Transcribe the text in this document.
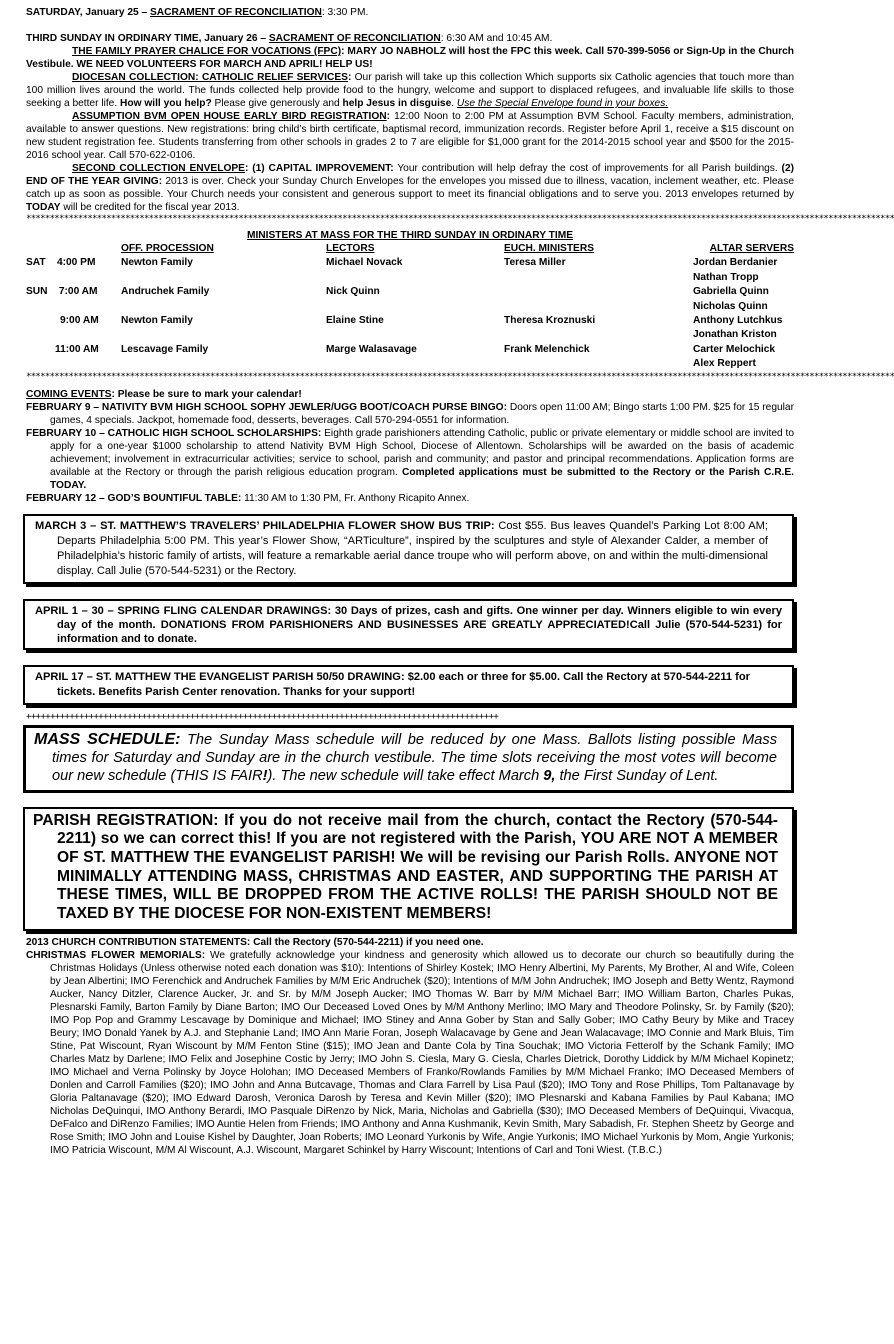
SATURDAY, January 25 – SACRAMENT OF RECONCILIATION: 3:30 PM.

THIRD SUNDAY IN ORDINARY TIME, January 26 – SACRAMENT OF RECONCILIATION: 6:30 AM and 10:45 AM.

THE FAMILY PRAYER CHALICE FOR VOCATIONS (FPC): MARY JO NABHOLZ will host the FPC this week. Call 570-399-5056 or Sign-Up in the Church Vestibule. WE NEED VOLUNTEERS FOR MARCH AND APRIL! HELP US!

DIOCESAN COLLECTION: CATHOLIC RELIEF SERVICES: Our parish will take up this collection Which supports six Catholic agencies that touch more than 100 million lives around the world. The funds collected help provide food to the hungry, welcome and support to displaced refugees, and invaluable life skills to those seeking a better life. How will you help? Please give generously and help Jesus in disguise. Use the Special Envelope found in your boxes.

ASSUMPTION BVM OPEN HOUSE EARLY BIRD REGISTRATION: 12:00 Noon to 2:00 PM at Assumption BVM School. Faculty members, administration, available to answer questions. New registrations: bring child’s birth certificate, baptismal record, immunization records. Register before April 1, receive a $15 discount on new student registration fee. Students transferring from other schools in grades 2 to 7 are eligible for $1,000 grant for the 2014-2015 school year and $500 for the 2015-2016 school year. Call 570-622-0106.

SECOND COLLECTION ENVELOPE: (1) CAPITAL IMPROVEMENT: Your contribution will help defray the cost of improvements for all Parish buildings. (2) END OF THE YEAR GIVING: 2013 is over. Check your Sunday Church Envelopes for the envelopes you missed due to illness, vacation, inclement weather, etc. Please catch up as soon as possible. Your Church needs your consistent and generous support to meet its financial obligations and to serve you. 2013 envelopes returned by TODAY will be credited for the fiscal year 2013.

****************************************************************************************************************************************************************************************
MINISTERS AT MASS FOR THE THIRD SUNDAY IN ORDINARY TIME
	OFF. PROCESSION	LECTORS	EUCH. MINISTERS	ALTAR SERVERS
SAT 4:00 PM	Newton Family	Michael Novack	Teresa Miller	Jordan Berdanier
Nathan Tropp

SUN 7:00 AM	Andruchek Family	Nick Quinn		Gabriella Quinn
Nicholas Quinn

9:00 AM	Newton Family	Elaine Stine	Theresa Kroznuski	Anthony Lutchkus
Jonathan Kriston

11:00 AM	Lescavage Family	Marge Walasavage	Frank Melenchick	Carter Melochick
Alex Reppert
****************************************************************************************************************************************************************************************

COMING EVENTS: Please be sure to mark your calendar!

FEBRUARY 9 – NATIVITY BVM HIGH SCHOOL SOPHY JEWLER/UGG BOOT/COACH PURSE BINGO: Doors open 11:00 AM; Bingo starts 1:00 PM. $25 for 15 regular games, 4 specials. Jackpot, homemade food, desserts, beverages. Call 570-294-0551 for information.

FEBRUARY 10 – CATHOLIC HIGH SCHOOL SCHOLARSHIPS: Eighth grade parishioners attending Catholic, public or private elementary or middle school are invited to apply for a one-year $1000 scholarship to attend Nativity BVM High School, Diocese of Allentown. Scholarships will be awarded on the basis of academic achievement; involvement in extracurricular activities; service to school, parish and community; and pastor and principal recommendations. Application forms are available at the Rectory or through the parish religious education program. Completed applications must be submitted to the Rectory or the Parish C.R.E. TODAY.

FEBRUARY 12 – GOD’S BOUNTIFUL TABLE: 11:30 AM to 1:30 PM, Fr. Anthony Ricapito Annex.

MARCH 3 – ST. MATTHEW’S TRAVELERS’ PHILADELPHIA FLOWER SHOW BUS TRIP: Cost $55. Bus leaves Quandel’s Parking Lot 8:00 AM; Departs Philadelphia 5:00 PM. This year’s Flower Show, “ARTiculture”, inspired by the sculptures and style of Alexander Calder, a member of Philadelphia’s historic family of artists, will feature a remarkable aerial dance troupe who will perform above, on and within the multi-dimensional display. Call Julie (570-544-5231) or the Rectory.

APRIL 1 – 30 – SPRING FLING CALENDAR DRAWINGS: 30 Days of prizes, cash and gifts. One winner per day. Winners eligible to win every day of the month. DONATIONS FROM PARISHIONERS AND BUSINESSES ARE GREATLY APPRECIATED!Call Julie (570-544-5231) for information and to donate.

APRIL 17 – ST. MATTHEW THE EVANGELIST PARISH 50/50 DRAWING: $2.00 each or three for $5.00. Call the Rectory at 570-544-2211 for tickets. Benefits Parish Center renovation. Thanks for your support!

++++++++++++++++++++++++++++++++++++++++++++++++++++++++++++++++++++++++++++++++++++++++++++++++++

MASS SCHEDULE: The Sunday Mass schedule will be reduced by one Mass. Ballots listing possible Mass times for Saturday and Sunday are in the church vestibule. The time slots receiving the most votes will become our new schedule (THIS IS FAIR!). The new schedule will take effect March 9, the First Sunday of Lent.

PARISH REGISTRATION: If you do not receive mail from the church, contact the Rectory (570-544-2211) so we can correct this! If you are not registered with the Parish, YOU ARE NOT A MEMBER OF ST. MATTHEW THE EVANGELIST PARISH! We will be revising our Parish Rolls. ANYONE NOT MINIMALLY ATTENDING MASS, CHRISTMAS AND EASTER, AND SUPPORTING THE PARISH AT THESE TIMES, WILL BE DROPPED FROM THE ACTIVE ROLLS! THE PARISH SHOULD NOT BE TAXED BY THE DIOCESE FOR NON-EXISTENT MEMBERS!

2013 CHURCH CONTRIBUTION STATEMENTS: Call the Rectory (570-544-2211) if you need one.

CHRISTMAS FLOWER MEMORIALS: We gratefully acknowledge your kindness and generosity which allowed us to decorate our church so beautifully during the Christmas Holidays (Unless otherwise noted each donation was $10): Intentions of Shirley Kostek; IMO Henry Albertini, My Parents, My Brother, Al and Wife, Coleen by Jean Albertini; IMO Ferenchick and Andruchek Families by M/M Eric Andruchek ($20); Intentions of M/M John Andruchek; IMO Joseph and Betty Wentz, Raymond Aucker, Nancy Ditzler, Clarence Aucker, Jr. and Sr. by M/M Joseph Aucker; IMO Thomas W. Barr by M/M Michael Barr; IMO William Barton, Charles Pukas, Plesnarski Family, Barton Family by Diane Barton; IMO Our Deceased Loved Ones by M/M Anthony Merlino; IMO Mary and Theodore Polinsky, Sr. by Family ($20); IMO Pop Pop and Grammy Lescavage by Dominique and Michael; IMO Stiney and Anna Gober by Stan and Sally Gober; IMO Cathy Beury by Mike and Tracey Beury; IMO Donald Yanek by A.J. and Stephanie Land; IMO Ann Marie Foran, Joseph Walacavage by Gene and Jean Walacavage; IMO Connie and Mark Bluis, Tim Stine, Pat Wiscount, Ryan Wiscount by M/M Fenton Stine ($15); IMO Jean and Dante Cola by Tina Souchak; IMO Victoria Fetterolf by the Schank Family; IMO Charles Matz by Darlene; IMO Felix and Josephine Costic by Jerry; IMO John S. Ciesla, Mary G. Ciesla, Charles Dietrick, Dorothy Liddick by M/M Michael Kopinetz; IMO Michael and Verna Polinsky by Joyce Holohan; IMO Deceased Members of Franko/Rowlands Families by M/M Michael Franko; IMO Deceased Members of Donlen and Carroll Families ($20); IMO John and Anna Butcavage, Thomas and Clara Farrell by Lisa Paul ($20); IMO Tony and Rose Phillips, Tom Paltanavage by Gloria Paltanavage ($20); IMO Edward Darosh, Veronica Darosh by Teresa and Kevin Miller ($20); IMO Plesnarski and Kabana Families by Paul Kabana; IMO Nicholas DeQuinqui, IMO Anthony Berardi, IMO Pasquale DiRenzo by Nick, Maria, Nicholas and Gabriella ($30); IMO Deceased Members of DeQuinqui, Vivacqua, DeFalco and DiRenzo Families; IMO Auntie Helen from Friends; IMO Anthony and Anna Kushmanik, Kevin Smith, Mary Sabadish, Fr. Stephen Sheetz by George and Rose Smith; IMO John and Louise Kishel by Daughter, Joan Roberts; IMO Leonard Yurkonis by Wife, Angie Yurkonis; IMO Michael Yurkonis by Mom, Angie Yurkonis; IMO Patricia Wiscount, M/M Al Wiscount, A.J. Wiscount, Margaret Schinkel by Harry Wiscount; Intentions of Carl and Toni Wiest. (T.B.C.)
